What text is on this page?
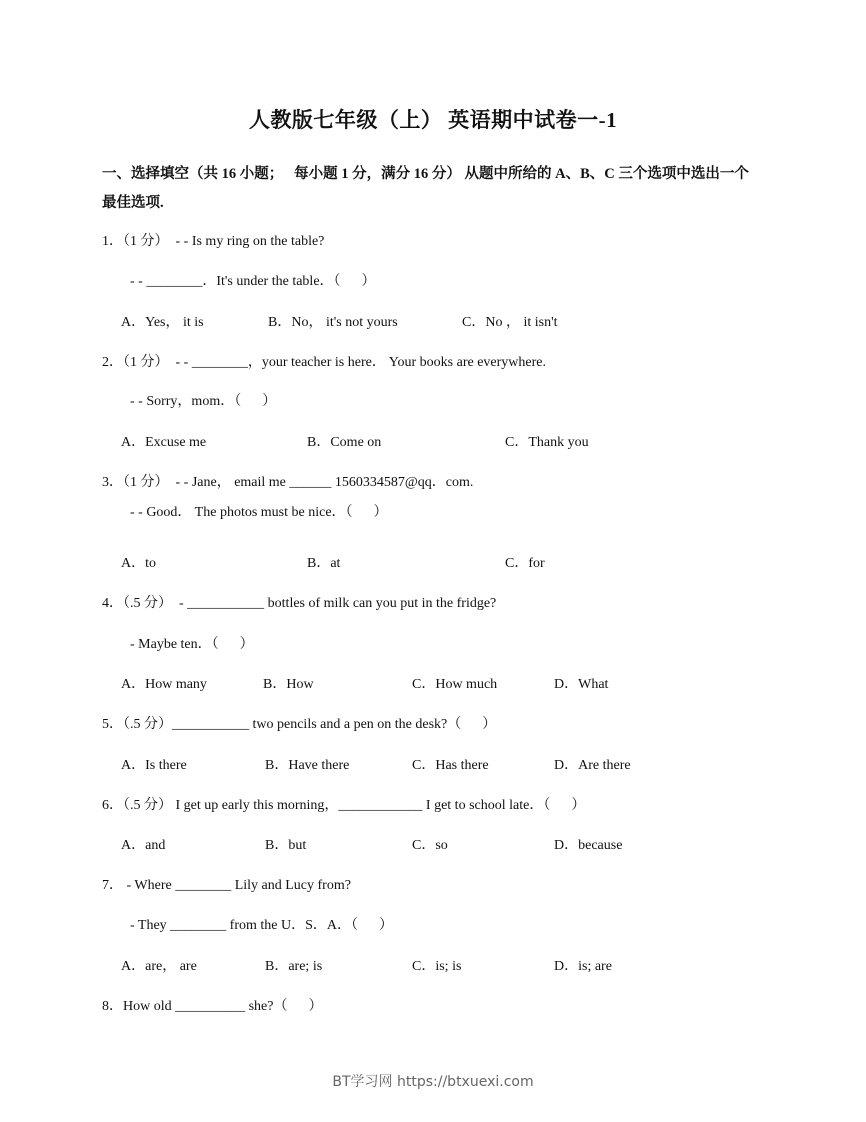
人教版七年级（上） 英语期中试卷一-1
一、选择填空（共 16 小题；   每小题 1 分，满分 16 分） 从题中所给的 A、B、C 三个选项中选出一个
最佳选项.
1．（1 分）  - - Is my ring on the table?
- - ________．It's under the table．（      ）
A．Yes， it is	B．No， it's not yours	C．No ， it isn't
2．（1 分）  - - ________，your teacher is here． Your books are everywhere.
- - Sorry，mom．（      ）
A．Excuse me	B．Come on	C．Thank you
3．（1 分）  - - Jane， email me ______ 1560334587@qq．com.
- - Good． The photos must be nice．（      ）
A．to	B．at	C．for
4．（.5 分）  - ___________ bottles of milk can you put in the fridge?
- Maybe ten．（      ）
A．How many	B．How	C．How much	D．What
5．（.5 分）___________ two pencils and a pen on the desk?（      ）
A．Is there	B．Have there	C．Has there	D．Are there
6．（.5 分） I get up early this morning，____________ I get to school late．（      ）
A．and	B．but	C．so	D．because
7． - Where ________ Lily and Lucy from?
- They ________ from the U．S．A．（      ）
A．are， are	B．are; is	C．is; is	D．is; are
8．How old __________ she?（      ）
BT学习网 https://btxuexi.com
